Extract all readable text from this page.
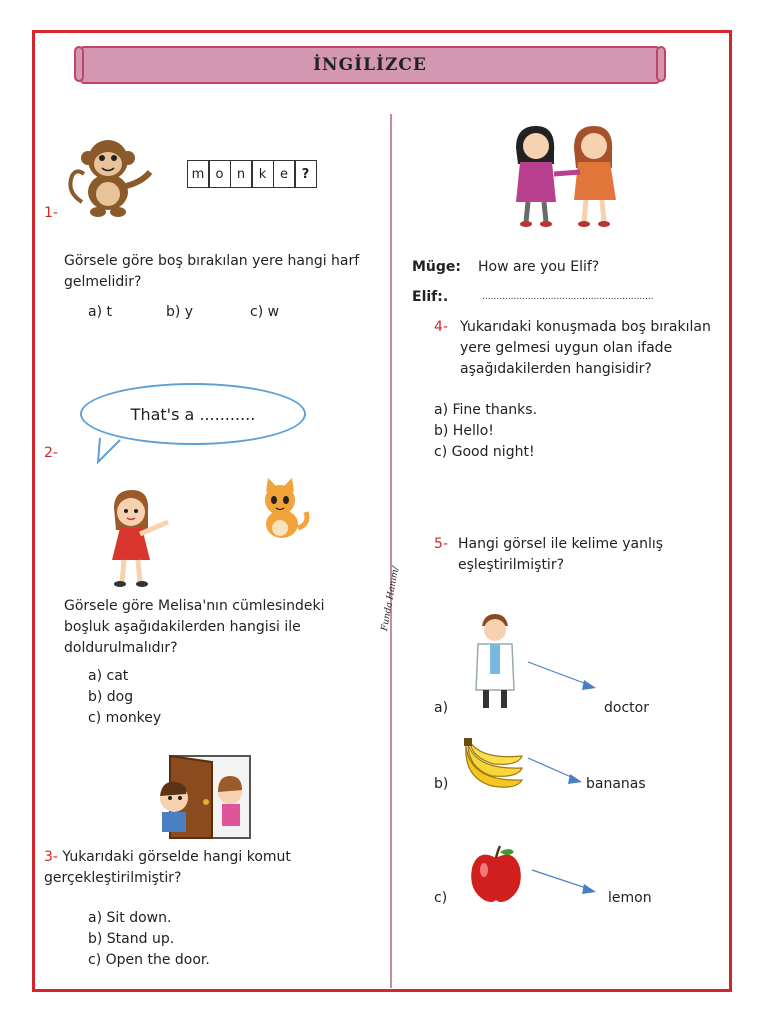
İNGİLİZCE
Funda Hanım/
m o	n	k	e	?
1-
Görsele göre boş bırakılan yere hangi harf gelmelidir?
a) t	b) y	c) w
That's a ...........
2-
Görsele göre Melisa'nın cümlesindeki boşluk aşağıdakilerden hangisi ile doldurulmalıdır?
a) cat
b) dog
c) monkey
3- Yukarıdaki görselde hangi komut gerçekleştirilmiştir?
a) Sit down.
b) Stand up.
c) Open the door.
Müge: How are you Elif?
Elif:.	............................................................
4- Yukarıdaki konuşmada boş bırakılan yere gelmesi uygun olan ifade aşağıdakilerden hangisidir?
a) Fine thanks.
b) Hello!
c) Good night!
5- Hangi görsel ile kelime yanlış eşleştirilmiştir?
a)	doctor
b)	bananas
c)	lemon
